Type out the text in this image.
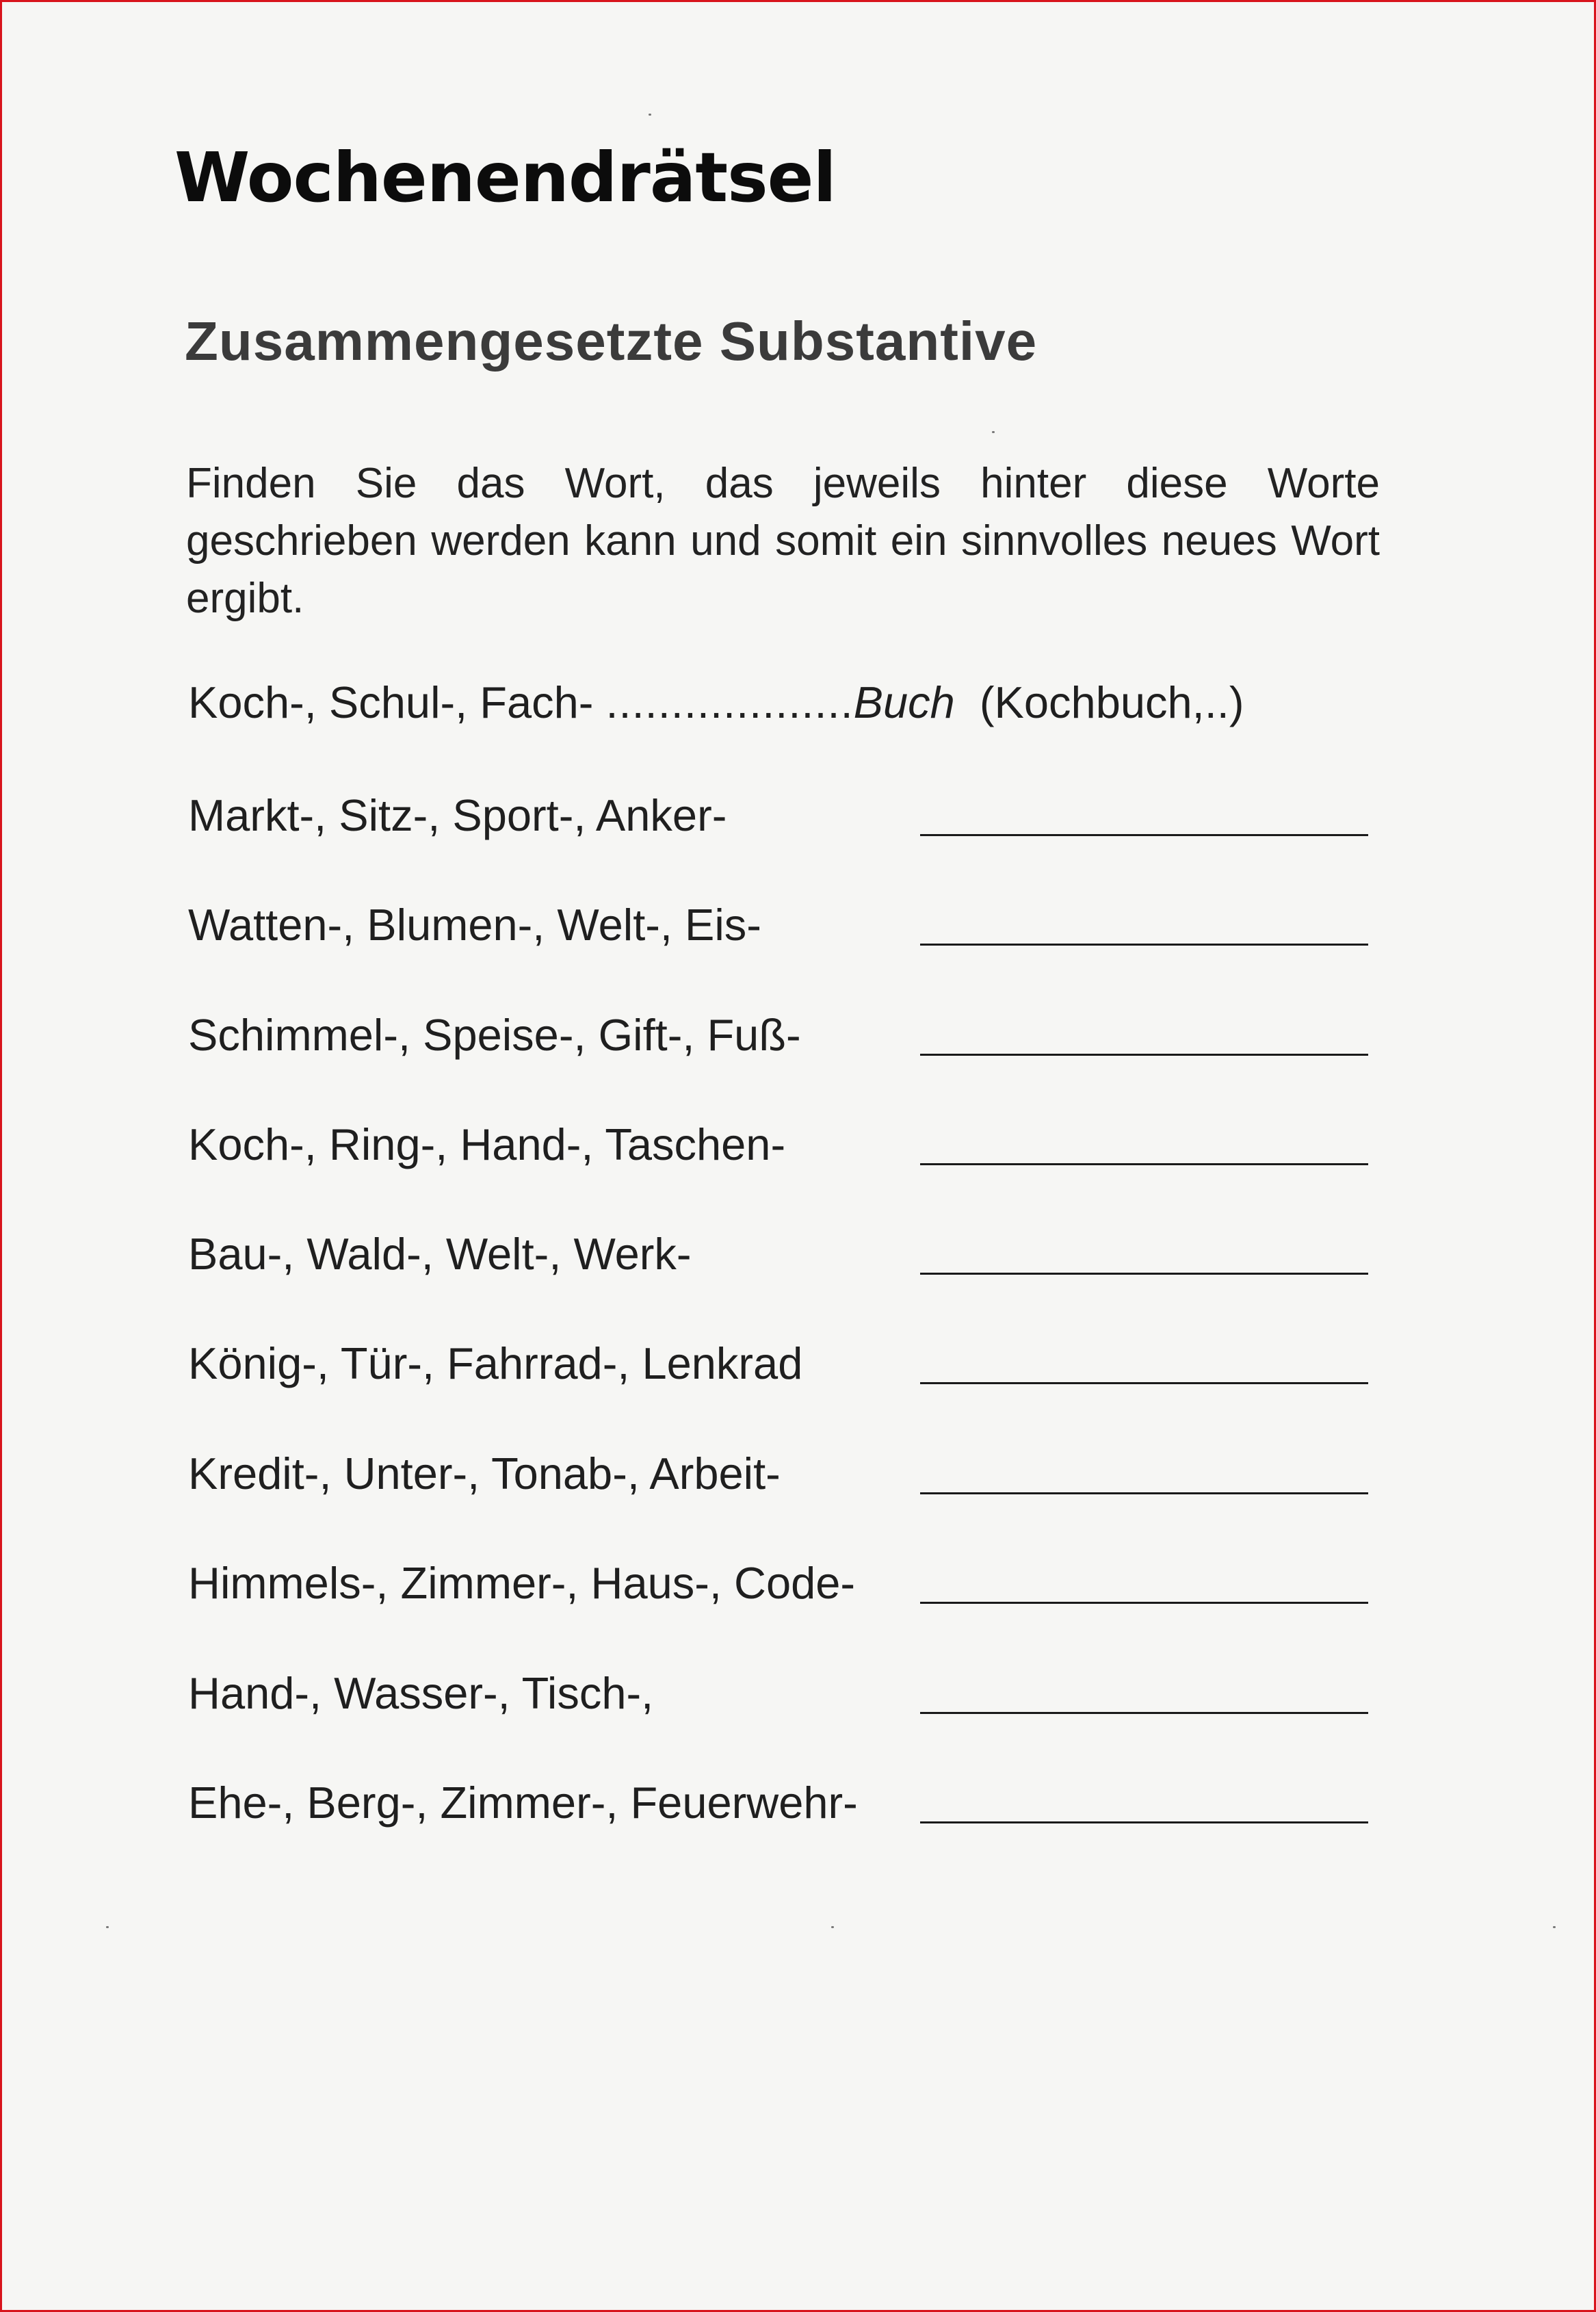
Wochenendrätsel
Zusammengesetzte Substantive

Finden Sie das Wort, das jeweils hinter diese Worte geschrieben werden kann und somit ein sinnvolles neues Wort ergibt.

Koch-, Schul-, Fach- ...................Buch (Kochbuch,..)
Markt-, Sitz-, Sport-, Anker-
Watten-, Blumen-, Welt-, Eis-
Schimmel-, Speise-, Gift-, Fuß-
Koch-, Ring-, Hand-, Taschen-
Bau-, Wald-, Welt-, Werk-
König-, Tür-, Fahrrad-, Lenkrad
Kredit-, Unter-, Tonab-, Arbeit-
Himmels-, Zimmer-, Haus-, Code-
Hand-, Wasser-, Tisch-,
Ehe-, Berg-, Zimmer-, Feuerwehr-
